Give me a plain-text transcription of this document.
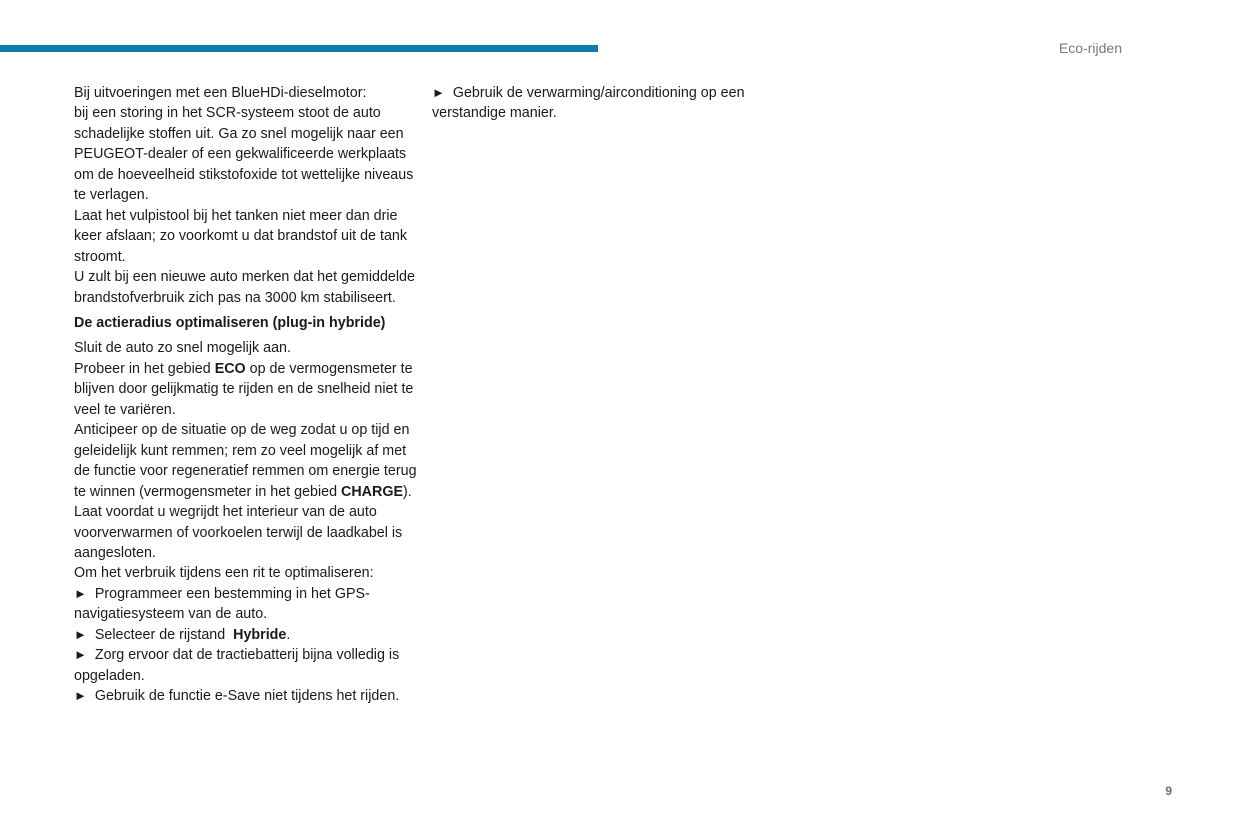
Eco-rijden

Bij uitvoeringen met een BlueHDi-dieselmotor:

bij een storing in het SCR-systeem stoot de auto schadelijke stoffen uit. Ga zo snel mogelijk naar een PEUGEOT-dealer of een gekwalificeerde werkplaats om de hoeveelheid stikstofoxide tot wettelijke niveaus te verlagen.

Laat het vulpistool bij het tanken niet meer dan drie keer afslaan; zo voorkomt u dat brandstof uit de tank stroomt.

U zult bij een nieuwe auto merken dat het gemiddelde brandstofverbruik zich pas na 3000 km stabiliseert.

De actieradius optimaliseren (plug-in hybride)

Sluit de auto zo snel mogelijk aan.

Probeer in het gebied ECO op de vermogensmeter te blijven door gelijkmatig te rijden en de snelheid niet te veel te variëren.

Anticipeer op de situatie op de weg zodat u op tijd en geleidelijk kunt remmen; rem zo veel mogelijk af met de functie voor regeneratief remmen om energie terug te winnen (vermogensmeter in het gebied CHARGE).

Laat voordat u wegrijdt het interieur van de auto voorverwarmen of voorkoelen terwijl de laadkabel is aangesloten.

Om het verbruik tijdens een rit te optimaliseren:

► Programmeer een bestemming in het GPS-navigatiesysteem van de auto.

► Selecteer de rijstand  Hybride.

► Zorg ervoor dat de tractiebatterij bijna volledig is opgeladen.

► Gebruik de functie e-Save niet tijdens het rijden.

► Gebruik de verwarming/airconditioning op een verstandige manier.

9
